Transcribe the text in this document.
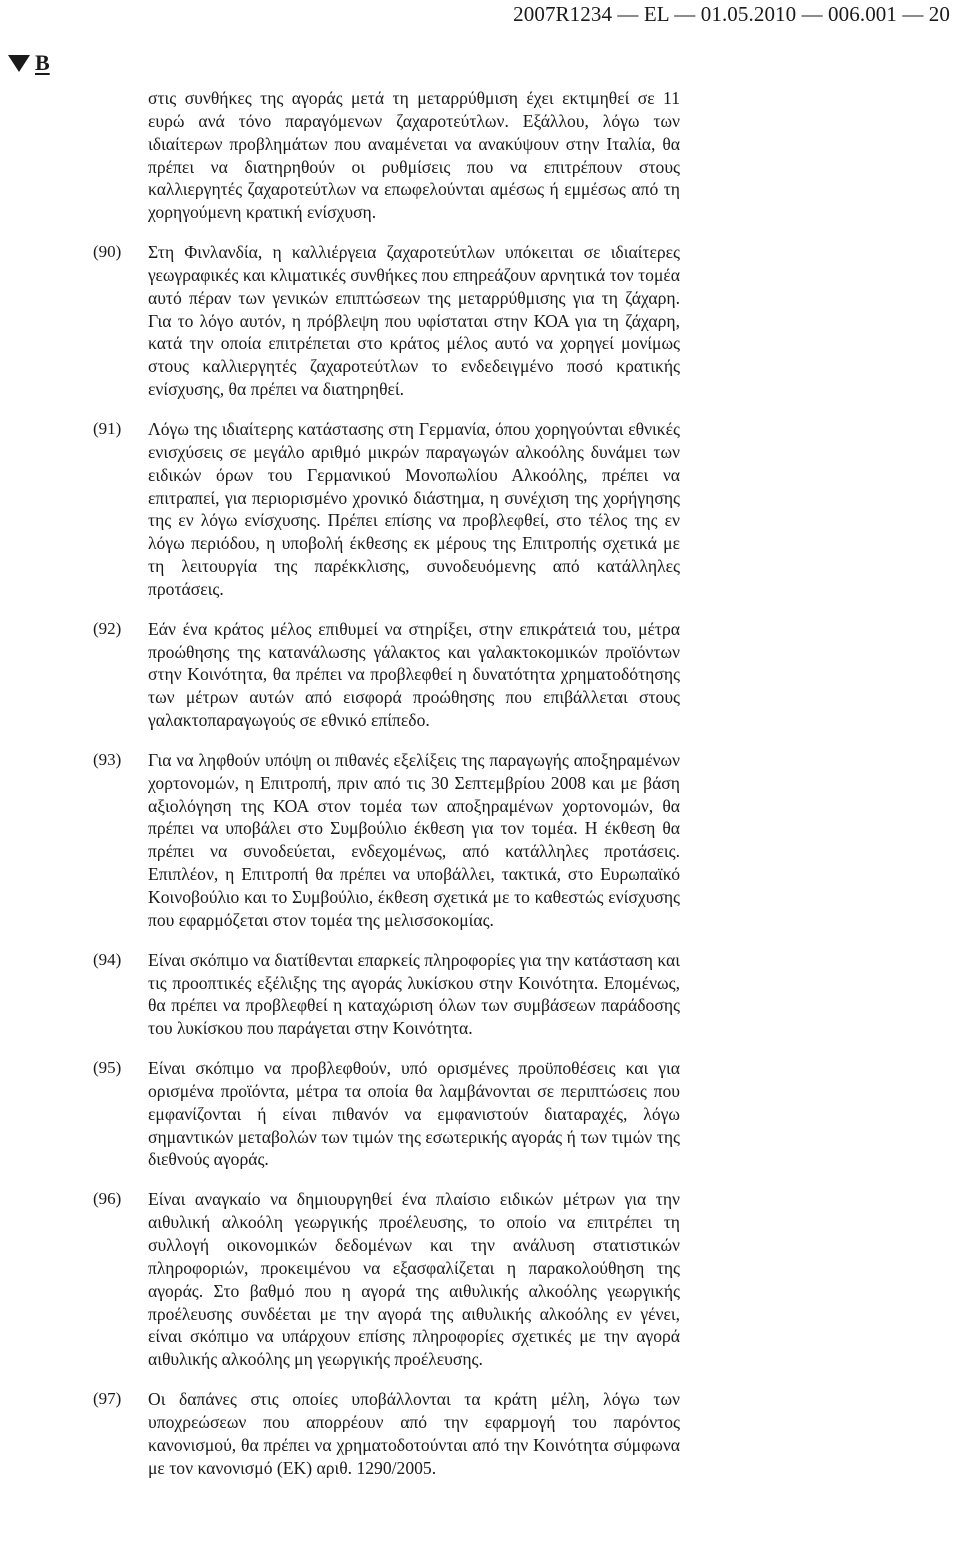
2007R1234 — EL — 01.05.2010 — 006.001 — 20
B
στις συνθήκες της αγοράς μετά τη μεταρρύθμιση έχει εκτιμηθεί σε 11 ευρώ ανά τόνο παραγόμενων ζαχαροτεύτλων. Εξάλλου, λόγω των ιδιαίτερων προβλημάτων που αναμένεται να ανακύψουν στην Ιταλία, θα πρέπει να διατηρηθούν οι ρυθμίσεις που να επιτρέπουν στους καλλιεργητές ζαχαροτεύτλων να επωφελούνται αμέσως ή εμμέσως από τη χορηγούμενη κρατική ενίσχυση.
(90) Στη Φινλανδία, η καλλιέργεια ζαχαροτεύτλων υπόκειται σε ιδιαίτερες γεωγραφικές και κλιματικές συνθήκες που επηρεάζουν αρνητικά τον τομέα αυτό πέραν των γενικών επιπτώσεων της μεταρρύθμισης για τη ζάχαρη. Για το λόγο αυτόν, η πρόβλεψη που υφίσταται στην ΚΟΑ για τη ζάχαρη, κατά την οποία επιτρέπεται στο κράτος μέλος αυτό να χορηγεί μονίμως στους καλλιεργητές ζαχαροτεύτλων το ενδεδειγμένο ποσό κρατικής ενίσχυσης, θα πρέπει να διατηρηθεί.
(91) Λόγω της ιδιαίτερης κατάστασης στη Γερμανία, όπου χορηγούνται εθνικές ενισχύσεις σε μεγάλο αριθμό μικρών παραγωγών αλκοόλης δυνάμει των ειδικών όρων του Γερμανικού Μονοπωλίου Αλκοόλης, πρέπει να επιτραπεί, για περιορισμένο χρονικό διάστημα, η συνέχιση της χορήγησης της εν λόγω ενίσχυσης. Πρέπει επίσης να προβλεφθεί, στο τέλος της εν λόγω περιόδου, η υποβολή έκθεσης εκ μέρους της Επιτροπής σχετικά με τη λειτουργία της παρέκκλισης, συνοδευόμενης από κατάλληλες προτάσεις.
(92) Εάν ένα κράτος μέλος επιθυμεί να στηρίξει, στην επικράτειά του, μέτρα προώθησης της κατανάλωσης γάλακτος και γαλακτοκομικών προϊόντων στην Κοινότητα, θα πρέπει να προβλεφθεί η δυνατότητα χρηματοδότησης των μέτρων αυτών από εισφορά προώθησης που επιβάλλεται στους γαλακτοπαραγωγούς σε εθνικό επίπεδο.
(93) Για να ληφθούν υπόψη οι πιθανές εξελίξεις της παραγωγής αποξηραμένων χορτονομών, η Επιτροπή, πριν από τις 30 Σεπτεμβρίου 2008 και με βάση αξιολόγηση της ΚΟΑ στον τομέα των αποξηραμένων χορτονομών, θα πρέπει να υποβάλει στο Συμβούλιο έκθεση για τον τομέα. Η έκθεση θα πρέπει να συνοδεύεται, ενδεχομένως, από κατάλληλες προτάσεις. Επιπλέον, η Επιτροπή θα πρέπει να υποβάλλει, τακτικά, στο Ευρωπαϊκό Κοινοβούλιο και το Συμβούλιο, έκθεση σχετικά με το καθεστώς ενίσχυσης που εφαρμόζεται στον τομέα της μελισσοκομίας.
(94) Είναι σκόπιμο να διατίθενται επαρκείς πληροφορίες για την κατάσταση και τις προοπτικές εξέλιξης της αγοράς λυκίσκου στην Κοινότητα. Επομένως, θα πρέπει να προβλεφθεί η καταχώριση όλων των συμβάσεων παράδοσης του λυκίσκου που παράγεται στην Κοινότητα.
(95) Είναι σκόπιμο να προβλεφθούν, υπό ορισμένες προϋποθέσεις και για ορισμένα προϊόντα, μέτρα τα οποία θα λαμβάνονται σε περιπτώσεις που εμφανίζονται ή είναι πιθανόν να εμφανιστούν διαταραχές, λόγω σημαντικών μεταβολών των τιμών της εσωτερικής αγοράς ή των τιμών της διεθνούς αγοράς.
(96) Είναι αναγκαίο να δημιουργηθεί ένα πλαίσιο ειδικών μέτρων για την αιθυλική αλκοόλη γεωργικής προέλευσης, το οποίο να επιτρέπει τη συλλογή οικονομικών δεδομένων και την ανάλυση στατιστικών πληροφοριών, προκειμένου να εξασφαλίζεται η παρακολούθηση της αγοράς. Στο βαθμό που η αγορά της αιθυλικής αλκοόλης γεωργικής προέλευσης συνδέεται με την αγορά της αιθυλικής αλκοόλης εν γένει, είναι σκόπιμο να υπάρχουν επίσης πληροφορίες σχετικές με την αγορά αιθυλικής αλκοόλης μη γεωργικής προέλευσης.
(97) Οι δαπάνες στις οποίες υποβάλλονται τα κράτη μέλη, λόγω των υποχρεώσεων που απορρέουν από την εφαρμογή του παρόντος κανονισμού, θα πρέπει να χρηματοδοτούνται από την Κοινότητα σύμφωνα με τον κανονισμό (ΕΚ) αριθ. 1290/2005.
